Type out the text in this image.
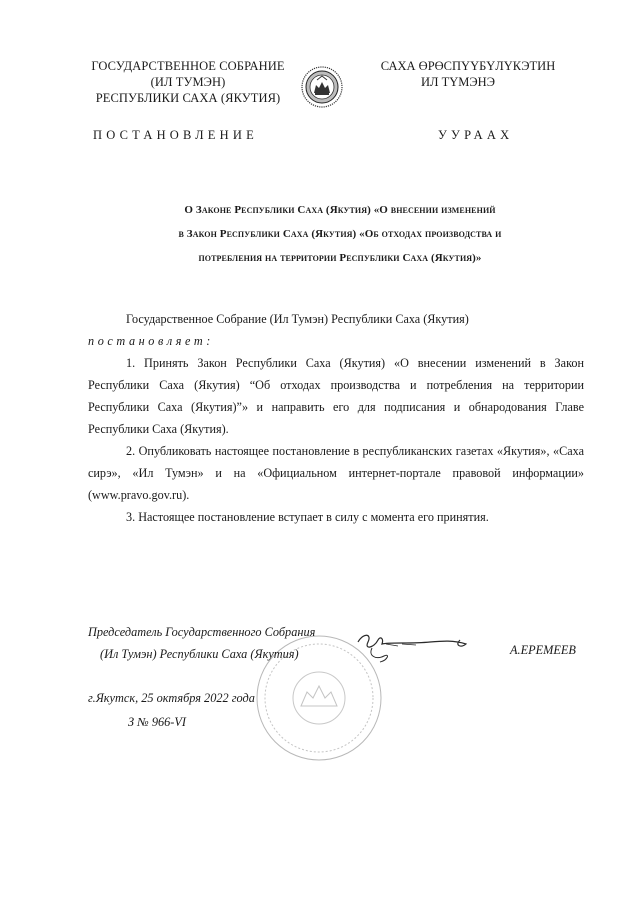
ГОСУДАРСТВЕННОЕ СОБРАНИЕ
(ИЛ ТУМЭН)
РЕСПУБЛИКИ САХА (ЯКУТИЯ)
САХА ӨРӨСПҮҮБҮЛҮКЭТИН
ИЛ ТҮМЭНЭ
ПОСТАНОВЛЕНИЕ	УУРААХ
О Законе Республики Саха (Якутия) «О внесении изменений
в Закон Республики Саха (Якутия) «Об отходах производства и
потребления на территории Республики Саха (Якутия)»

Государственное Собрание (Ил Тумэн) Республики Саха (Якутия)

постановляет:

1. Принять Закон Республики Саха (Якутия) «О внесении изменений в Закон Республики Саха (Якутия) “Об отходах производства и потребления на территории Республики Саха (Якутия)”» и направить его для подписания и обнародования Главе Республики Саха (Якутия).

2. Опубликовать настоящее постановление в республиканских газетах «Якутия», «Саха сирэ», «Ил Тумэн» и на «Официальном интернет-портале правовой информации» (www.pravo.gov.ru).

3. Настоящее постановление вступает в силу с момента его принятия.

Председатель Государственного Собрания
(Ил Тумэн) Республики Саха (Якутия)	А.ЕРЕМЕЕВ
г.Якутск, 25 октября 2022 года
З № 966-VI
